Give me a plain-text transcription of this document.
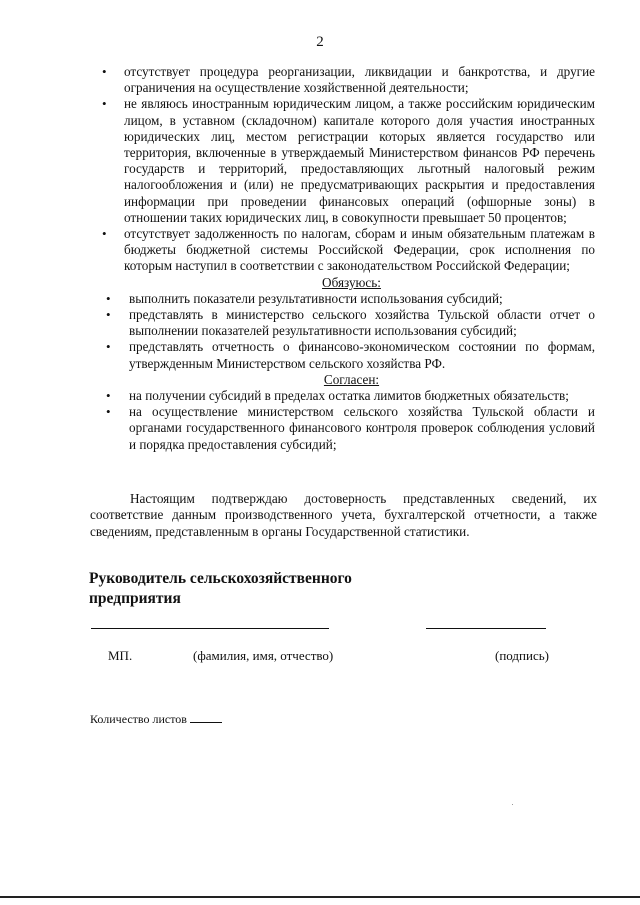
2
• отсутствует процедура реорганизации, ликвидации и банкротства, и другие ограничения на осуществление хозяйственной деятельности;
• не являюсь иностранным юридическим лицом, а также российским юридическим лицом, в уставном (складочном) капитале которого доля участия иностранных юридических лиц, местом регистрации которых является государство или территория, включенные в утверждаемый Министерством финансов РФ перечень государств и территорий, предоставляющих льготный налоговый режим налогообложения и (или) не предусматривающих раскрытия и предоставления информации при проведении финансовых операций (офшорные зоны) в отношении таких юридических лиц, в совокупности превышает 50 процентов;
• отсутствует задолженность по налогам, сборам и иным обязательным платежам в бюджеты бюджетной системы Российской Федерации, срок исполнения по которым наступил в соответствии с законодательством Российской Федерации;

Обязуюсь:

• выполнить показатели результативности использования субсидий;
• представлять в министерство сельского хозяйства Тульской области отчет о выполнении показателей результативности использования субсидий;
• представлять отчетность о финансово-экономическом состоянии по формам, утвержденным Министерством сельского хозяйства РФ.

Согласен:

• на получении субсидий в пределах остатка лимитов бюджетных обязательств;
• на осуществление министерством сельского хозяйства Тульской области и органами государственного финансового контроля проверок соблюдения условий и порядка предоставления субсидий;

Настоящим подтверждаю достоверность представленных сведений, их соответствие данным производственного учета, бухгалтерской отчетности, а также сведениям, представленным в органы Государственной статистики.

Руководитель сельскохозяйственного
предприятия

МП.	(фамилия, имя, отчество)	(подпись)
Количество листов
